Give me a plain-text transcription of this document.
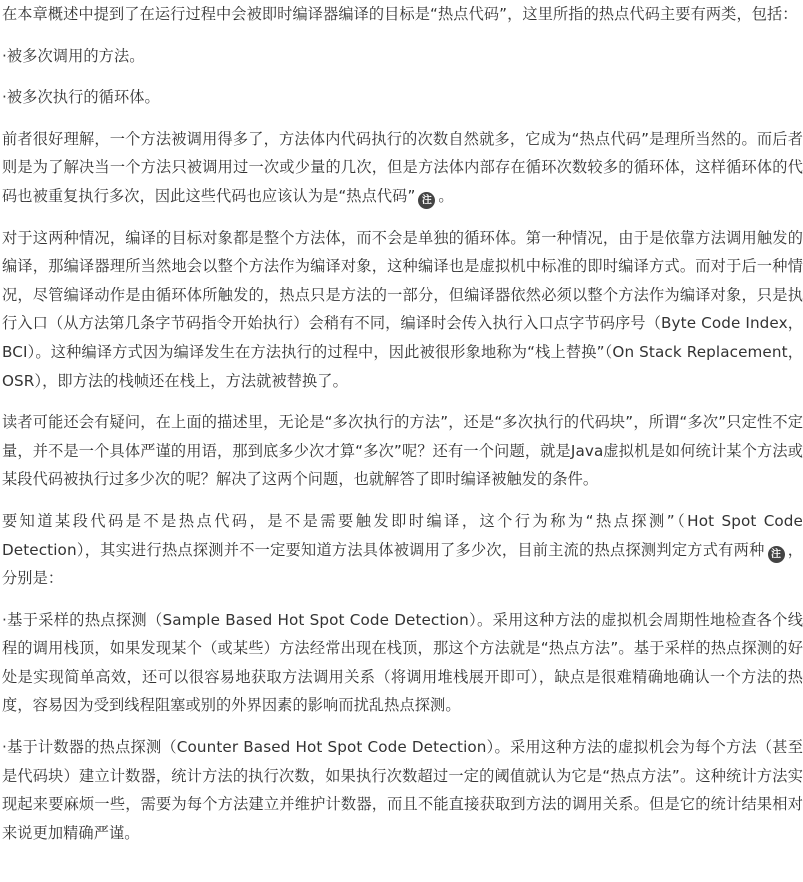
在本章概述中提到了在运行过程中会被即时编译器编译的目标是“热点代码”，这里所指的热点代码主要有两类，包括：

·被多次调用的方法。

·被多次执行的循环体。

前者很好理解，一个方法被调用得多了，方法体内代码执行的次数自然就多，它成为“热点代码”是理所当然的。而后者则是为了解决当一个方法只被调用过一次或少量的几次，但是方法体内部存在循环次数较多的循环体，这样循环体的代码也被重复执行多次，因此这些代码也应该认为是“热点代码” 注 。

对于这两种情况，编译的目标对象都是整个方法体，而不会是单独的循环体。第一种情况，由于是依靠方法调用触发的编译，那编译器理所当然地会以整个方法作为编译对象，这种编译也是虚拟机中标准的即时编译方式。而对于后一种情况，尽管编译动作是由循环体所触发的，热点只是方法的一部分，但编译器依然必须以整个方法作为编译对象，只是执行入口（从方法第几条字节码指令开始执行）会稍有不同，编译时会传入执行入口点字节码序号（Byte Code Index，BCI）。这种编译方式因为编译发生在方法执行的过程中，因此被很形象地称为“栈上替换”（On Stack Replacement，OSR），即方法的栈帧还在栈上，方法就被替换了。

读者可能还会有疑问，在上面的描述里，无论是“多次执行的方法”，还是“多次执行的代码块”，所谓“多次”只定性不定量，并不是一个具体严谨的用语，那到底多少次才算“多次”呢？还有一个问题，就是Java虚拟机是如何统计某个方法或某段代码被执行过多少次的呢？解决了这两个问题，也就解答了即时编译被触发的条件。

要知道某段代码是不是热点代码，是不是需要触发即时编译，这个行为称为“热点探测”（Hot Spot Code Detection），其实进行热点探测并不一定要知道方法具体被调用了多少次，目前主流的热点探测判定方式有两种 注 ，分别是：

·基于采样的热点探测（Sample Based Hot Spot Code Detection）。采用这种方法的虚拟机会周期性地检查各个线程的调用栈顶，如果发现某个（或某些）方法经常出现在栈顶，那这个方法就是“热点方法”。基于采样的热点探测的好处是实现简单高效，还可以很容易地获取方法调用关系（将调用堆栈展开即可），缺点是很难精确地确认一个方法的热度，容易因为受到线程阻塞或别的外界因素的影响而扰乱热点探测。

·基于计数器的热点探测（Counter Based Hot Spot Code Detection）。采用这种方法的虚拟机会为每个方法（甚至是代码块）建立计数器，统计方法的执行次数，如果执行次数超过一定的阈值就认为它是“热点方法”。这种统计方法实现起来要麻烦一些，需要为每个方法建立并维护计数器，而且不能直接获取到方法的调用关系。但是它的统计结果相对来说更加精确严谨。
